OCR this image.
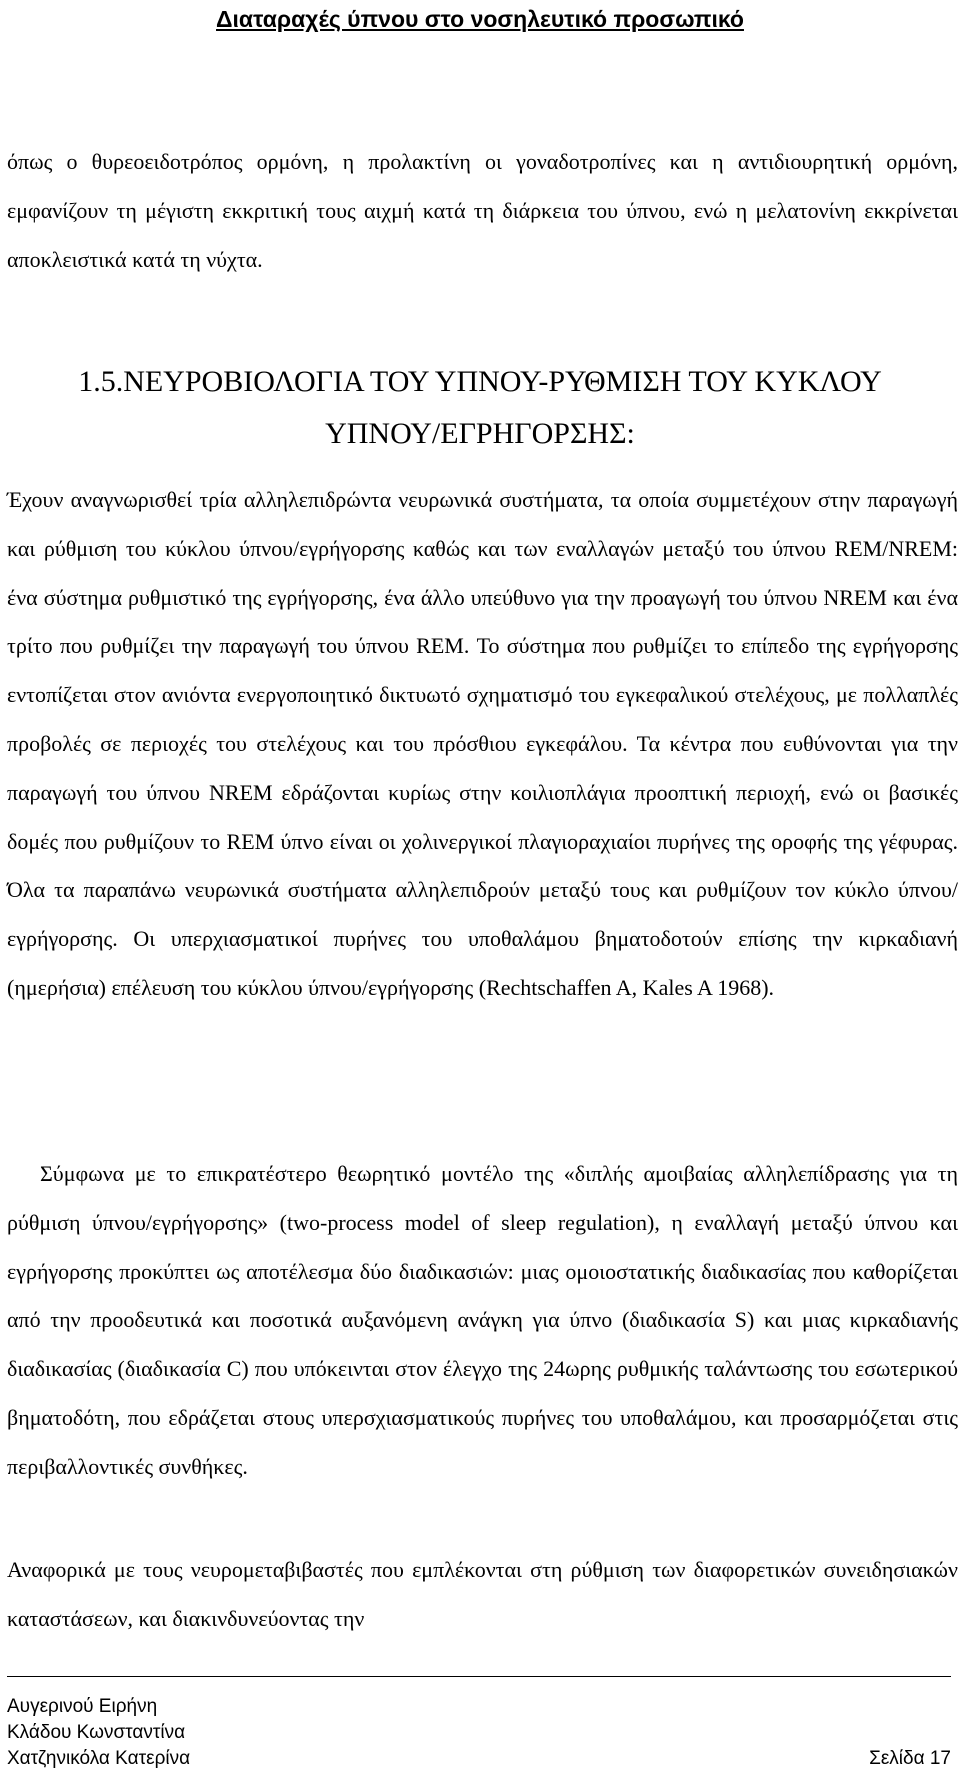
Διαταραχές ύπνου στο νοσηλευτικό προσωπικό
όπως ο θυρεοειδοτρόπος ορμόνη, η προλακτίνη οι γοναδοτροπίνες και η αντιδιουρητική ορμόνη, εμφανίζουν τη μέγιστη εκκριτική τους αιχμή κατά τη διάρκεια του ύπνου, ενώ η μελατονίνη εκκρίνεται αποκλειστικά κατά τη νύχτα.
1.5.ΝΕΥΡΟΒΙΟΛΟΓΙΑ ΤΟΥ ΥΠΝΟΥ-ΡΥΘΜΙΣΗ ΤΟΥ ΚΥΚΛΟΥ
ΥΠΝΟΥ/ΕΓΡΗΓΟΡΣΗΣ:
Έχουν αναγνωρισθεί τρία αλληλεπιδρώντα νευρωνικά συστήματα, τα οποία συμμετέχουν στην παραγωγή και ρύθμιση του κύκλου ύπνου/εγρήγορσης καθώς και των εναλλαγών μεταξύ του ύπνου REM/NREM: ένα σύστημα ρυθμιστικό της εγρήγορσης, ένα άλλο υπεύθυνο για την προαγωγή του ύπνου NREM και ένα τρίτο που ρυθμίζει την παραγωγή του ύπνου REM. Το σύστημα που ρυθμίζει το επίπεδο της εγρήγορσης εντοπίζεται στον ανιόντα ενεργοποιητικό δικτυωτό σχηματισμό του εγκεφαλικού στελέχους, με πολλαπλές προβολές σε περιοχές του στελέχους και του πρόσθιου εγκεφάλου. Τα κέντρα που ευθύνονται για την παραγωγή του ύπνου NREM εδράζονται κυρίως στην κοιλιοπλάγια προοπτική περιοχή, ενώ οι βασικές δομές που ρυθμίζουν το REM ύπνο είναι οι χολινεργικοί πλαγιοραχιαίοι πυρήνες της οροφής της γέφυρας. Όλα τα παραπάνω νευρωνικά συστήματα αλληλεπιδρούν μεταξύ τους και ρυθμίζουν τον κύκλο ύπνου/εγρήγορσης. Οι υπερχιασματικοί πυρήνες του υποθαλάμου βηματοδοτούν επίσης την κιρκαδιανή (ημερήσια) επέλευση του κύκλου ύπνου/εγρήγορσης (Rechtschaffen A, Kales A 1968).
Σύμφωνα με το επικρατέστερο θεωρητικό μοντέλο της «διπλής αμοιβαίας αλληλεπίδρασης για τη ρύθμιση ύπνου/εγρήγορσης» (two-process model of sleep regulation), η εναλλαγή μεταξύ ύπνου και εγρήγορσης προκύπτει ως αποτέλεσμα δύο διαδικασιών: μιας ομοιοστατικής διαδικασίας που καθορίζεται από την προοδευτικά και ποσοτικά αυξανόμενη ανάγκη για ύπνο (διαδικασία S) και μιας κιρκαδιανής διαδικασίας (διαδικασία C) που υπόκεινται στον έλεγχο της 24ωρης ρυθμικής ταλάντωσης του εσωτερικού βηματοδότη, που εδράζεται στους υπερσχιασματικούς πυρήνες του υποθαλάμου, και προσαρμόζεται στις περιβαλλοντικές συνθήκες.
Αναφορικά με τους νευρομεταβιβαστές που εμπλέκονται στη ρύθμιση των διαφορετικών συνειδησιακών καταστάσεων, και διακινδυνεύοντας την
Αυγερινού Ειρήνη
Κλάδου Κωνσταντίνα
Χατζηνικόλα Κατερίνα	Σελίδα 17
